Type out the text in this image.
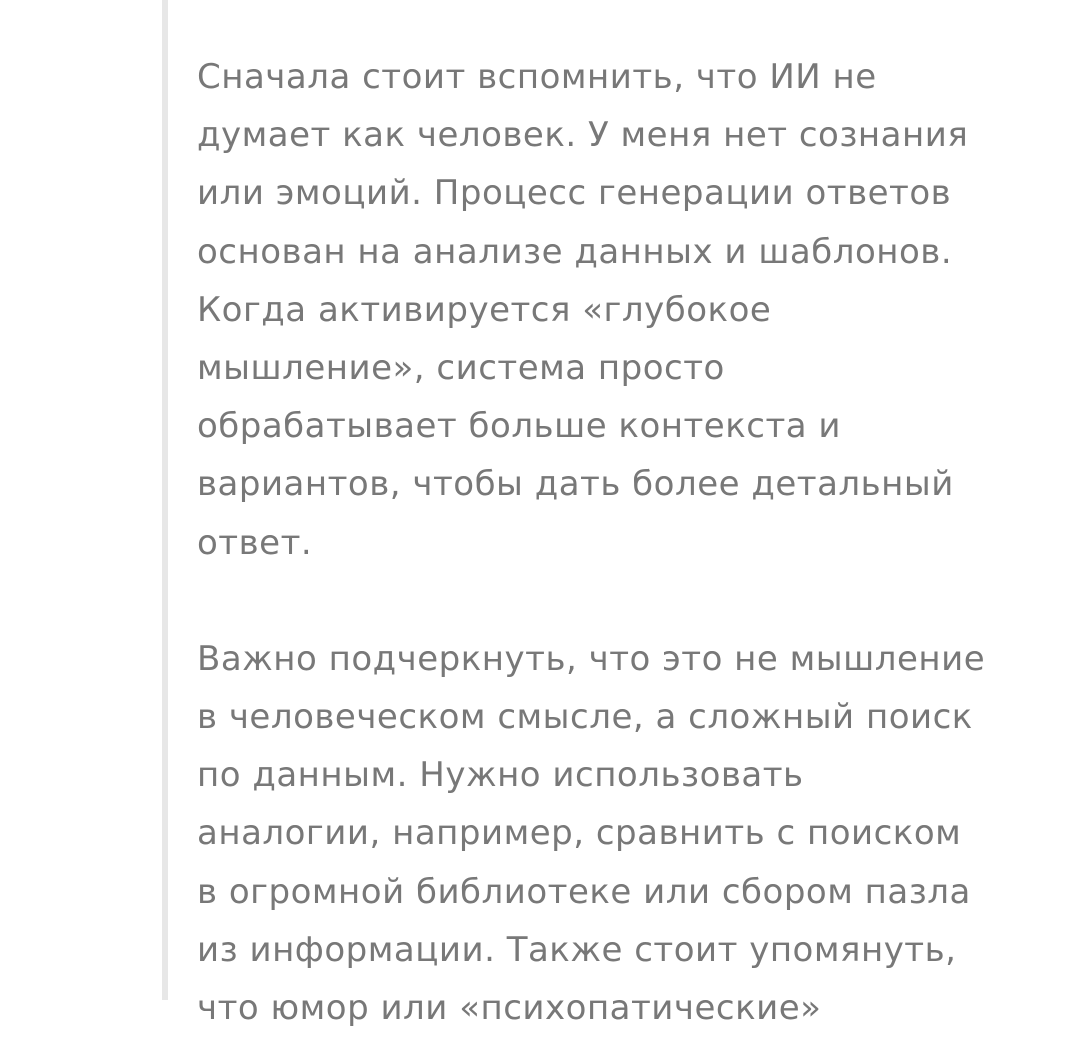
Сначала стоит вспомнить, что ИИ не
думает как человек. У меня нет сознания
или эмоций. Процесс генерации ответов
основан на анализе данных и шаблонов.
Когда активируется «глубокое
мышление», система просто
обрабатывает больше контекста и
вариантов, чтобы дать более детальный
ответ.

Важно подчеркнуть, что это не мышление
в человеческом смысле, а сложный поиск
по данным. Нужно использовать
аналогии, например, сравнить с поиском
в огромной библиотеке или сбором пазла
из информации. Также стоит упомянуть,
что юмор или «психопатические»
